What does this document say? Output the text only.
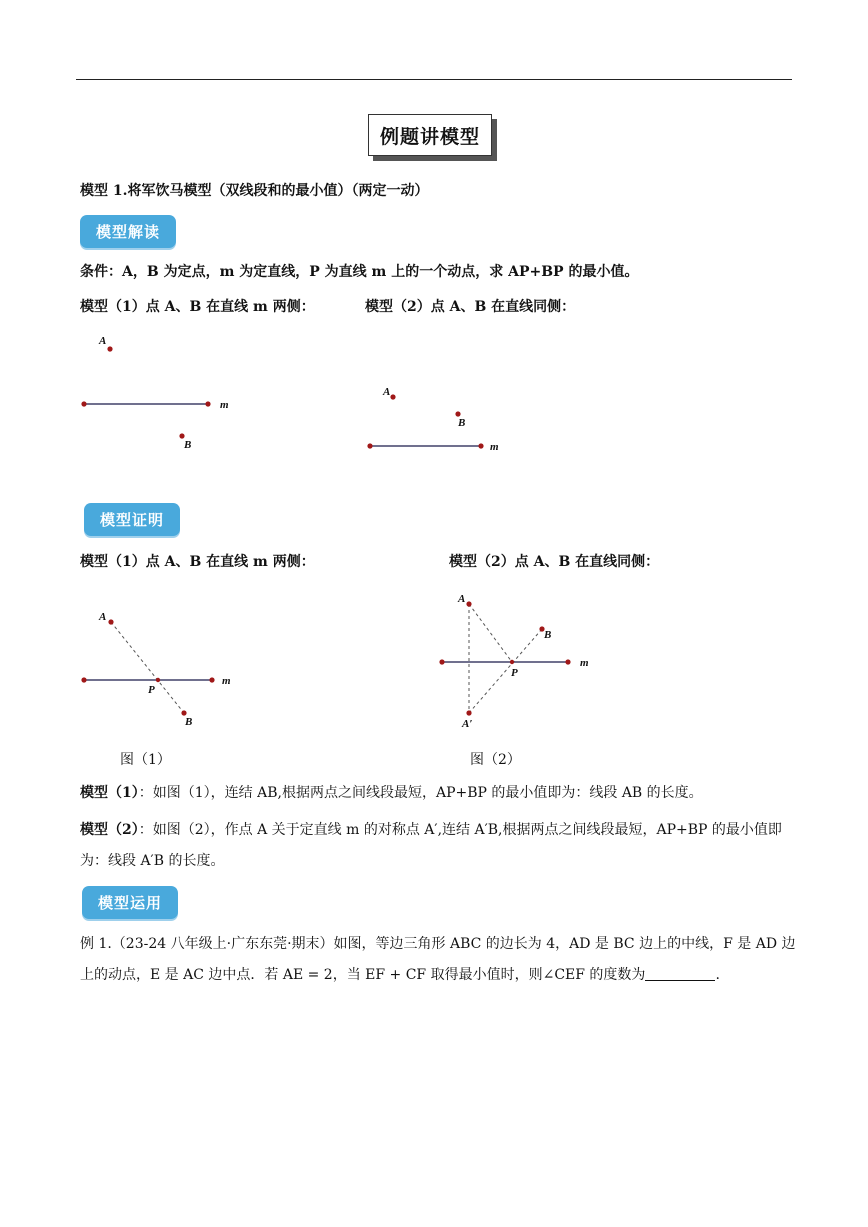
例题讲模型
模型 1.将军饮马模型（双线段和的最小值）（两定一动）
模型解读
条件：A，B 为定点，m 为定直线，P 为直线 m 上的一个动点，求 AP+BP 的最小值。
模型（1）点 A、B 在直线 m 两侧：	模型（2）点 A、B 在直线同侧：
A
B
m
A
B
m
模型证明
模型（1）点 A、B 在直线 m 两侧：	模型（2）点 A、B 在直线同侧：
A
B
P
m
图（1）
A
B
P
A′
m
图（2）
模型（1）：如图（1），连结 AB,根据两点之间线段最短，AP+BP 的最小值即为：线段 AB 的长度。
模型（2）：如图（2），作点 A 关于定直线 m 的对称点 A′,连结 A′B,根据两点之间线段最短，AP+BP 的最小值即为：线段 A′B 的长度。
模型运用
例 1.（23-24 八年级上·广东东莞·期末）如图，等边三角形 ABC 的边长为 4，AD 是 BC 边上的中线，F 是 AD 边上的动点，E 是 AC 边中点．若 AE = 2，当 EF + CF 取得最小值时，则∠CEF 的度数为	.
